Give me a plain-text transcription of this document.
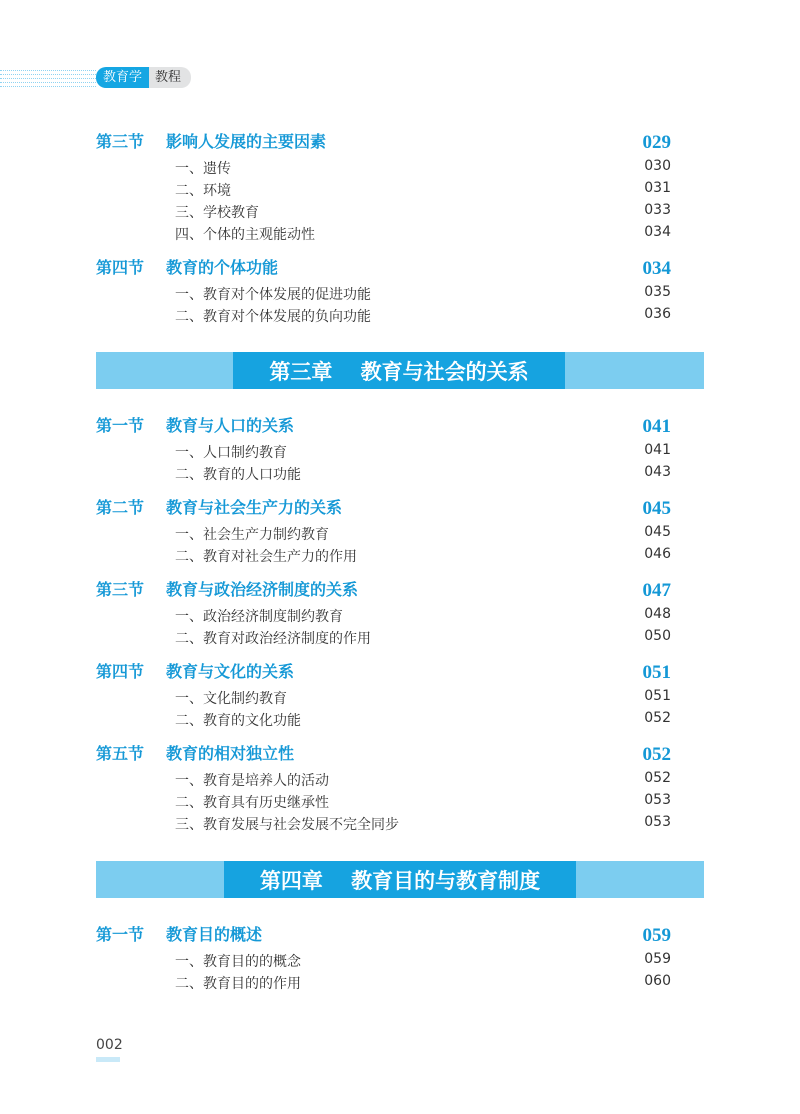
教育学	教程
第三节 影响人发展的主要因素	029
一、遗传	030
二、环境	031
三、学校教育	033
四、个体的主观能动性	034
第四节 教育的个体功能	034
一、教育对个体发展的促进功能	035
二、教育对个体发展的负向功能	036
第三章　 教育与社会的关系
第一节 教育与人口的关系	041
一、人口制约教育	041
二、教育的人口功能	043
第二节 教育与社会生产力的关系	045
一、社会生产力制约教育	045
二、教育对社会生产力的作用	046
第三节 教育与政治经济制度的关系	047
一、政治经济制度制约教育	048
二、教育对政治经济制度的作用	050
第四节 教育与文化的关系	051
一、文化制约教育	051
二、教育的文化功能	052
第五节 教育的相对独立性	052
一、教育是培养人的活动	052
二、教育具有历史继承性	053
三、教育发展与社会发展不完全同步	053
第四章　 教育目的与教育制度
第一节 教育目的概述	059
一、教育目的的概念	059
二、教育目的的作用	060
002
